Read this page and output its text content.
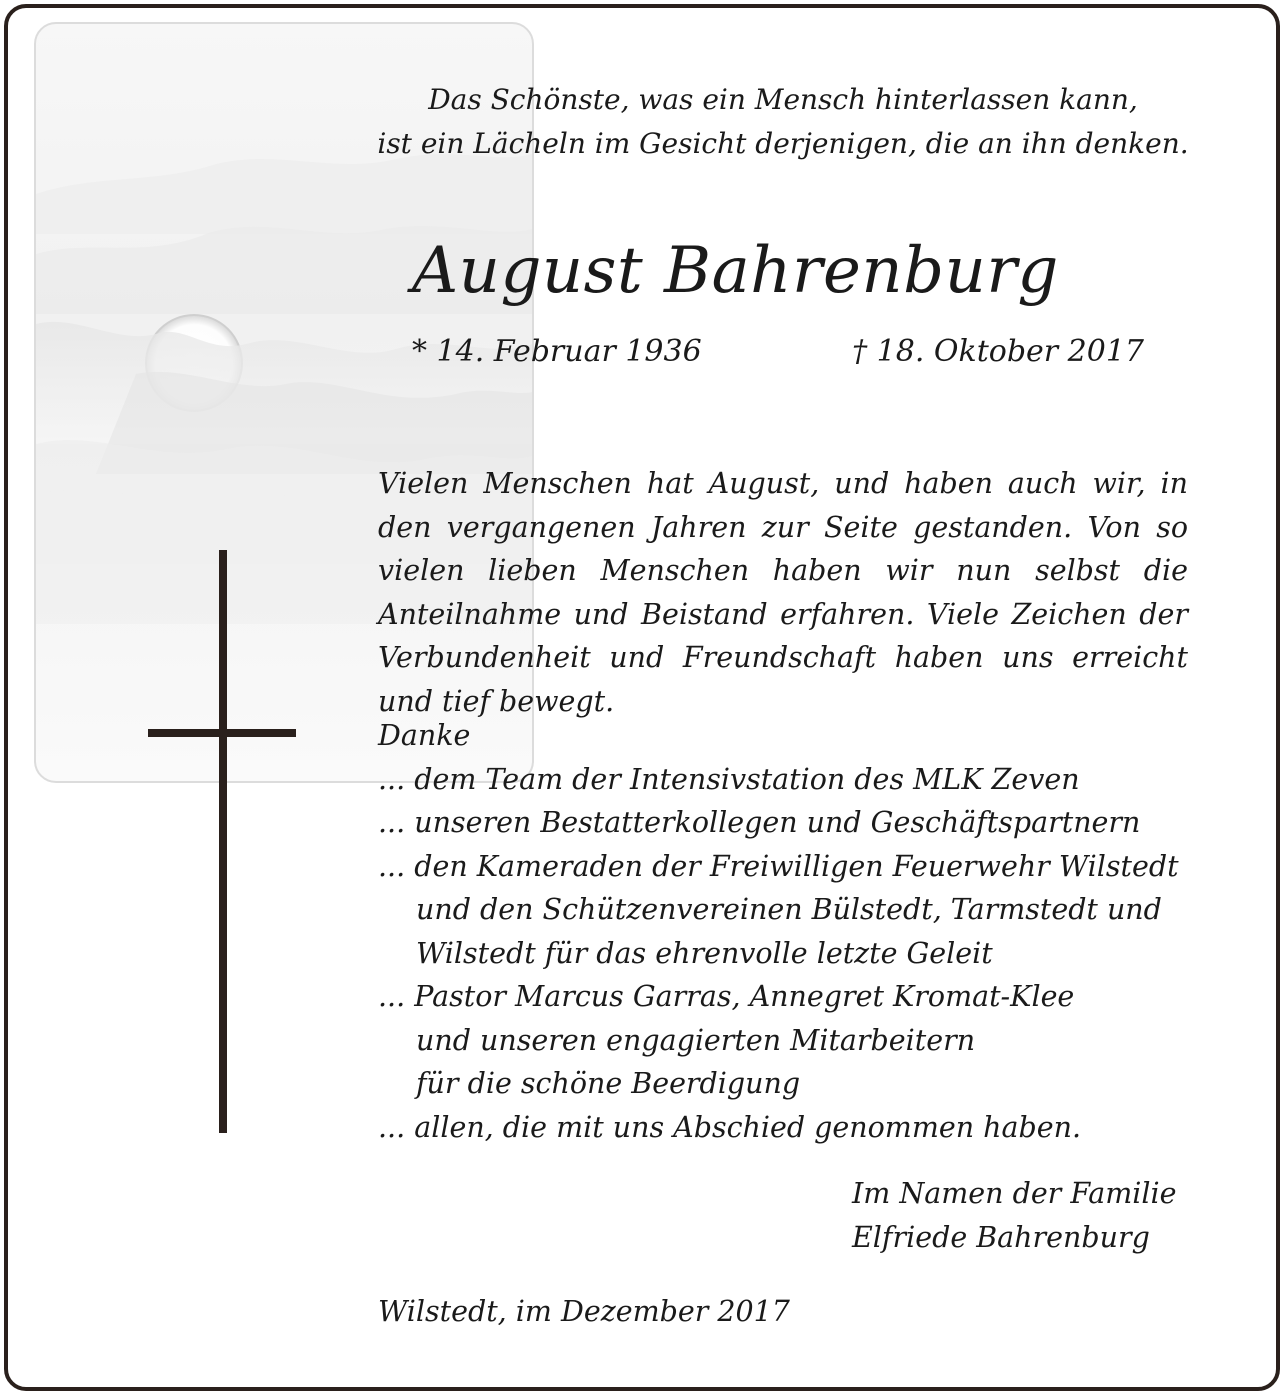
Das Schönste, was ein Mensch hinterlassen kann,
ist ein Lächeln im Gesicht derjenigen, die an ihn denken.
August Bahrenburg
* 14. Februar 1936	† 18. Oktober 2017

Vielen Menschen hat August, und haben auch wir, in den vergangenen Jahren zur Seite gestanden. Von so vielen lieben Menschen haben wir nun selbst die Anteilnahme und Beistand erfahren. Viele Zeichen der Verbundenheit und Freundschaft haben uns erreicht und tief bewegt.

Danke
... dem Team der Intensivstation des MLK Zeven
... unseren Bestatterkollegen und Geschäftspartnern
... den Kameraden der Freiwilligen Feuerwehr Wilstedt
und den Schützenvereinen Bülstedt, Tarmstedt und
Wilstedt für das ehrenvolle letzte Geleit
... Pastor Marcus Garras, Annegret Kromat-Klee
und unseren engagierten Mitarbeitern
für die schöne Beerdigung
... allen, die mit uns Abschied genommen haben.
Im Namen der Familie
Elfriede Bahrenburg
Wilstedt, im Dezember 2017
